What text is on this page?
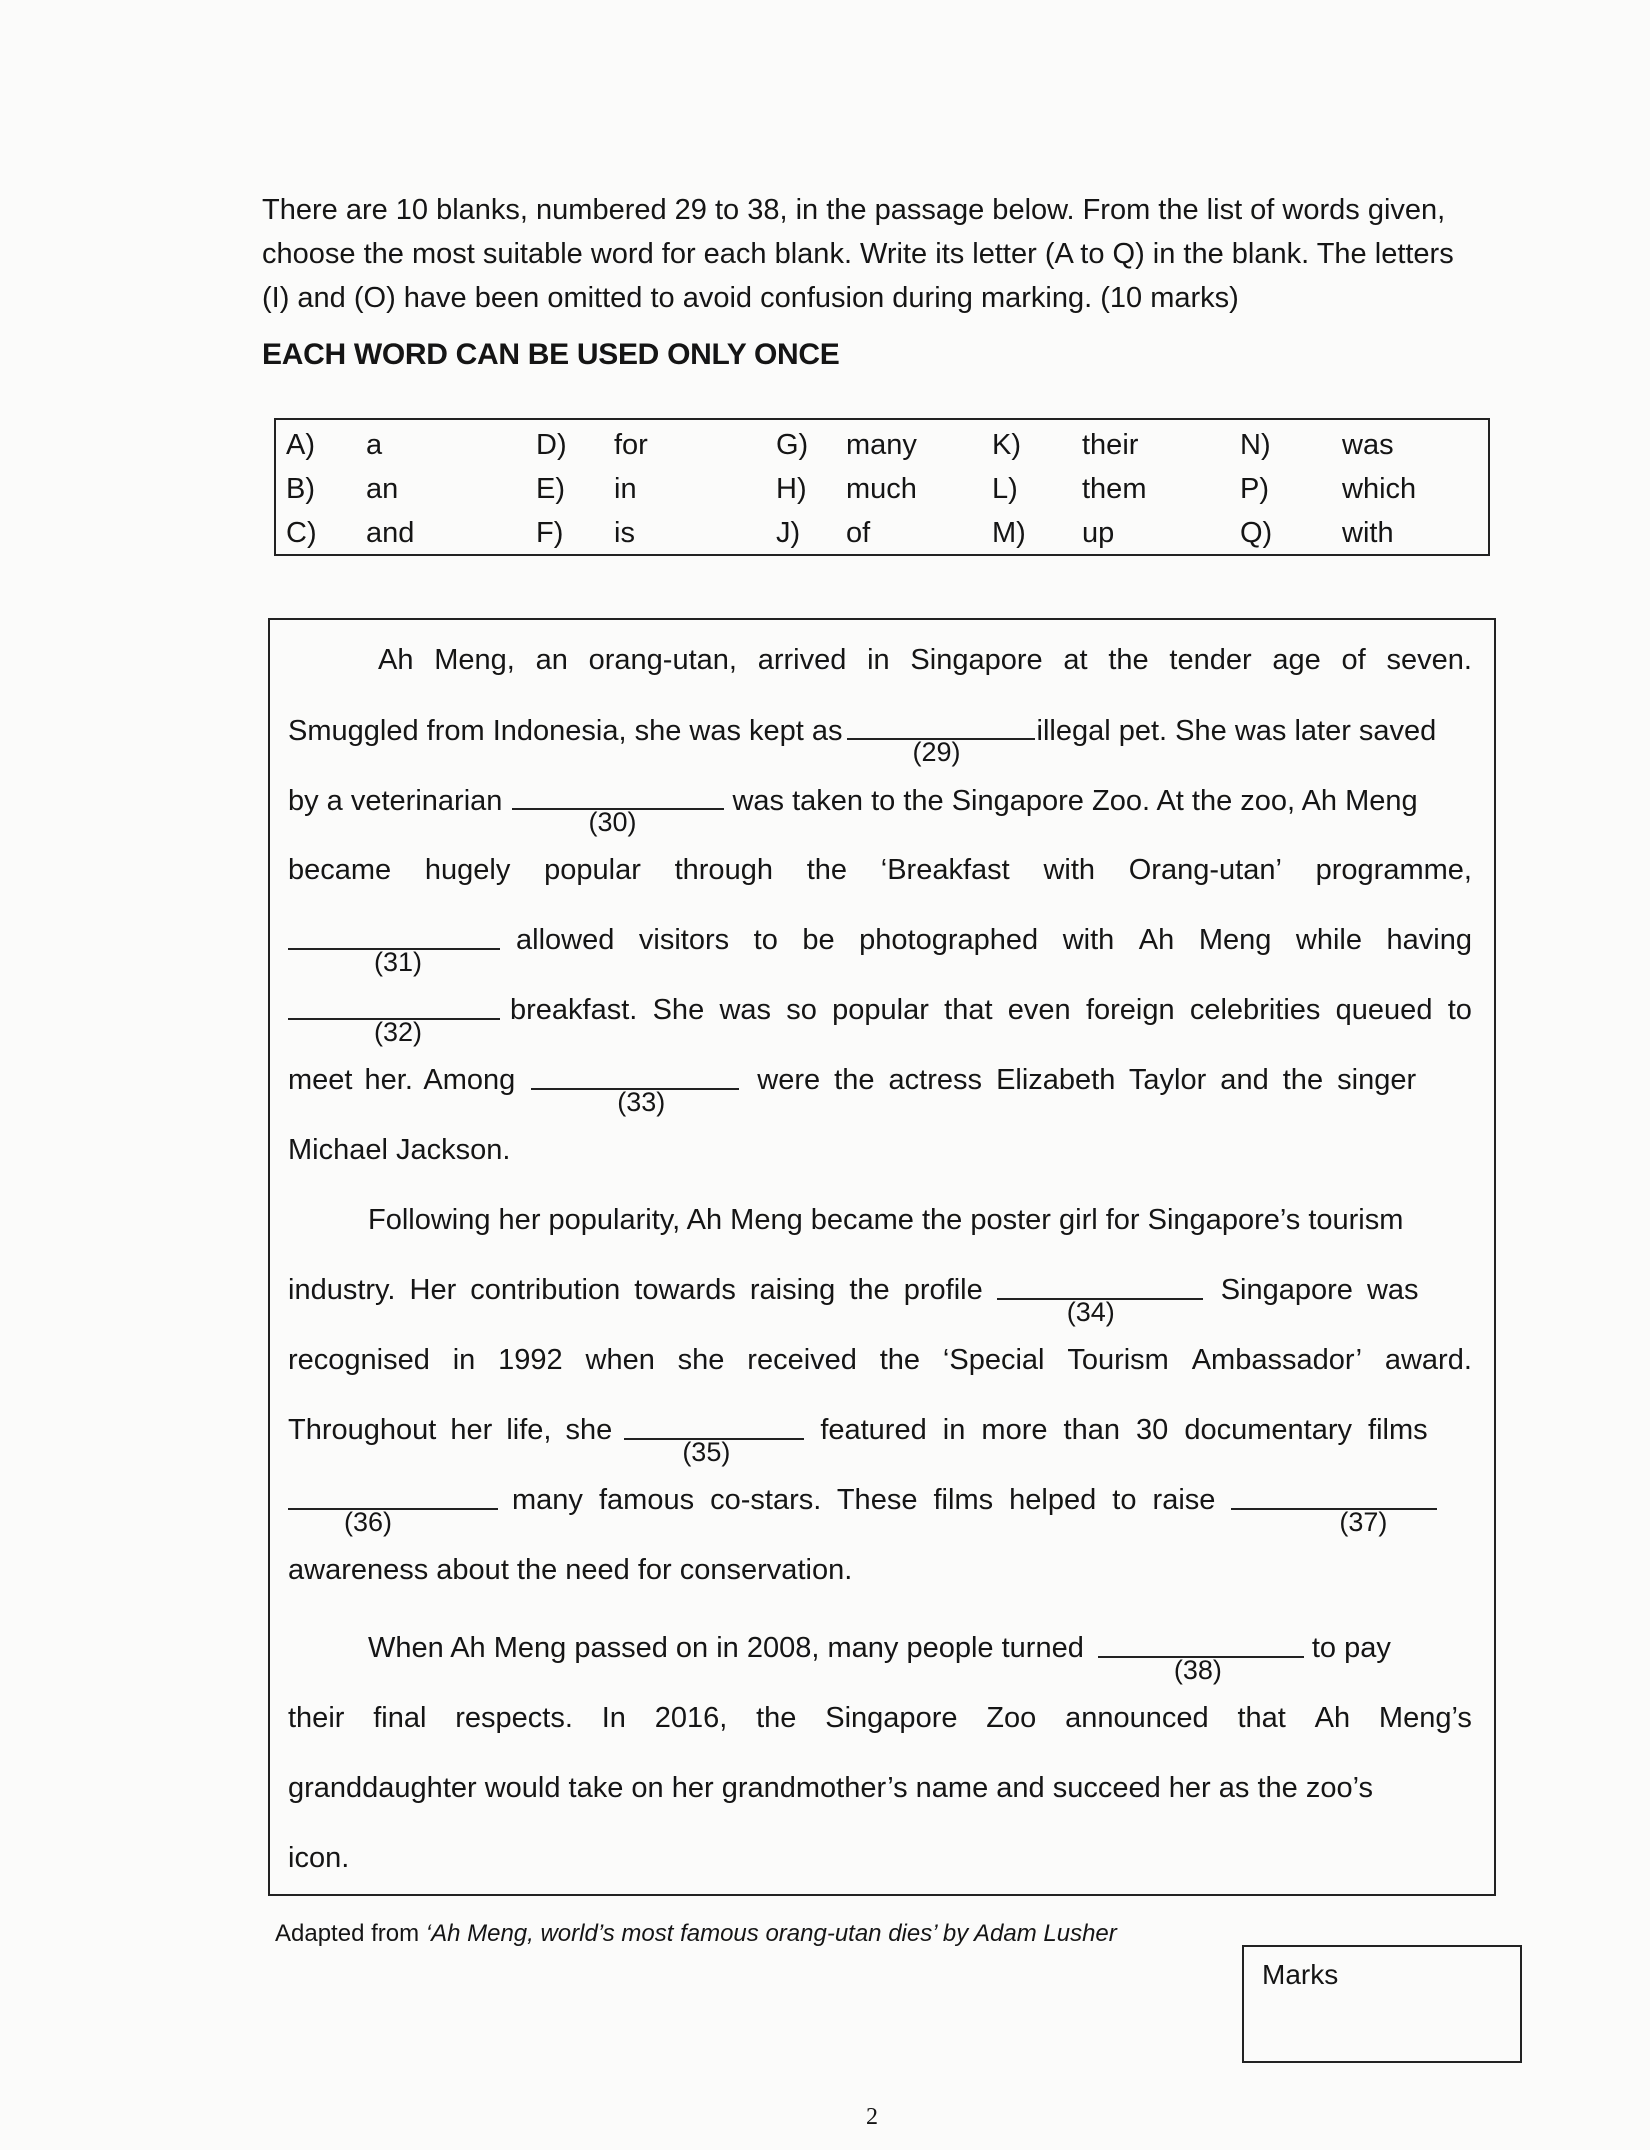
There are 10 blanks, numbered 29 to 38, in the passage below. From the list of words given,

choose the most suitable word for each blank. Write its letter (A to Q) in the blank. The letters

(I) and (O) have been omitted to avoid confusion during marking. (10 marks)

EACH WORD CAN BE USED ONLY ONCE
A) a
B) an
C) and
D) for
E) in
F) is
G) many
H) much
J) of
K) their
L) them
M) up
N) was
P)	which
Q) with
Ah Meng, an orang-utan, arrived in Singapore at the tender age of seven.
Smuggled from Indonesia, she was kept as
(29)
illegal pet. She was later saved
by a veterinarian
(30)
was taken to the Singapore Zoo. At the zoo, Ah Meng
became hugely popular through the ‘Breakfast with Orang-utan’ programme,
(31)
allowed visitors to be photographed with Ah Meng while having
(32)
breakfast. She was so popular that even foreign celebrities queued to
meet her. Among
(33)
were the actress Elizabeth Taylor and the singer
Michael Jackson.
Following her popularity, Ah Meng became the poster girl for Singapore’s tourism
industry. Her contribution towards raising the profile
(34)
Singapore was
recognised in 1992 when she received the ‘Special Tourism Ambassador’ award.
Throughout her life, she
(35)
featured in more than 30 documentary films
(36)
many famous co-stars. These films helped to raise
(37)
awareness about the need for conservation.
When Ah Meng passed on in 2008, many people turned
(38)
to pay
their final respects. In 2016, the Singapore Zoo announced that Ah Meng’s
granddaughter would take on her grandmother’s name and succeed her as the zoo’s
icon.
Adapted from ‘Ah Meng, world’s most famous orang-utan dies’ by Adam Lusher
Marks
2
